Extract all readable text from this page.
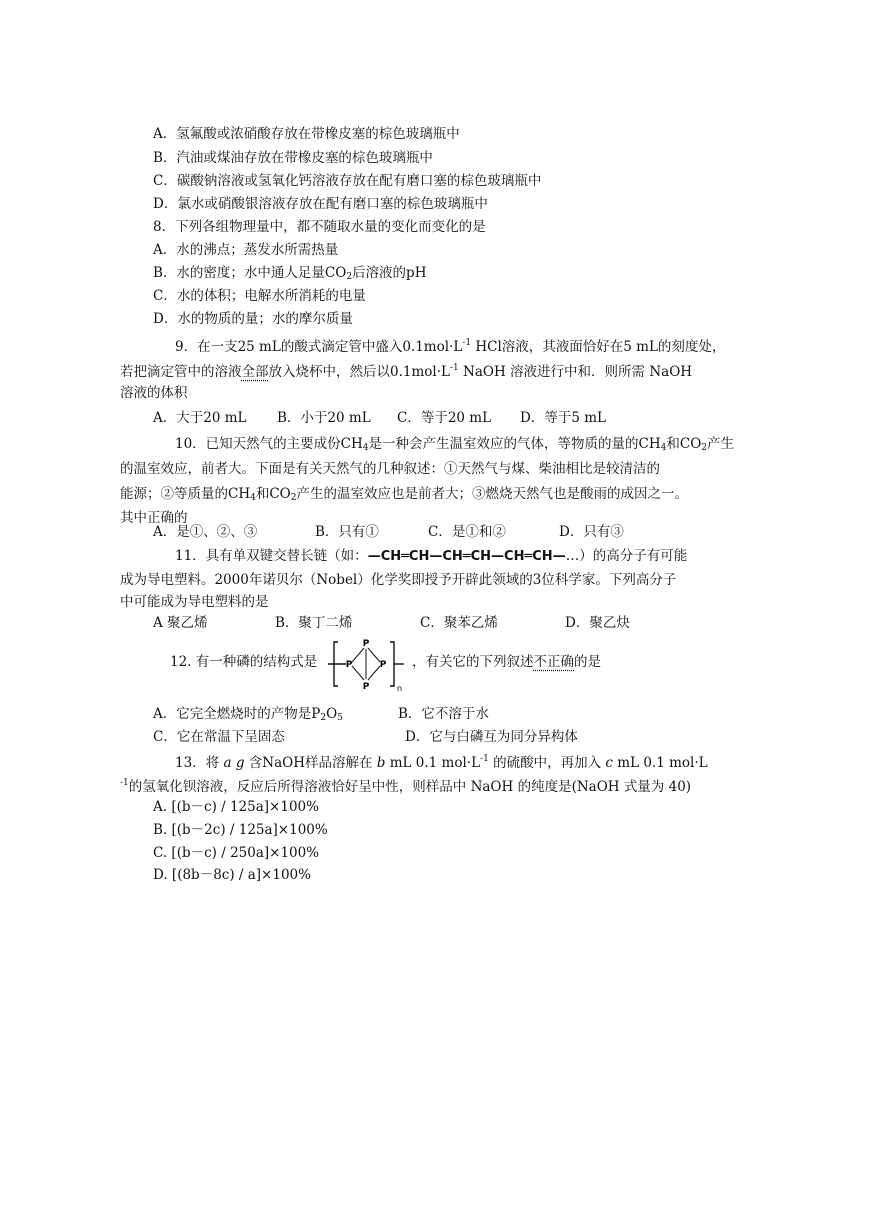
A．氢氟酸或浓硝酸存放在带橡皮塞的棕色玻璃瓶中
B．汽油或煤油存放在带橡皮塞的棕色玻璃瓶中
C．碳酸钠溶液或氢氧化钙溶液存放在配有磨口塞的棕色玻璃瓶中
D．氯水或硝酸银溶液存放在配有磨口塞的棕色玻璃瓶中
8．下列各组物理量中，都不随取水量的变化而变化的是
A．水的沸点；蒸发水所需热量
B．水的密度；水中通人足量$CO_2$后溶液的pH
C．水的体积；电解水所消耗的电量
D．水的物质的量；水的摩尔质量
9．在一支25 mL的酸式滴定管中盛入$0.1mol\cdot L^{-1}$ HCl溶液，其液面恰好在5 mL的刻度处，
若把滴定管中的溶液全部放入烧杯中，然后以$0.1mol\cdot L^{-1}$ NaOH 溶液进行中和．则所需 NaOH
溶液的体积
A．大于20 mL B．小于20 mL C．等于20 mL D．等于5 mL
10．已知天然气的主要成份$CH_4$是一种会产生温室效应的气体，等物质的量的$CH_4$和$CO_2$产生
的温室效应，前者大。下面是有关天然气的几种叙述：①天然气与煤、柴油相比是较清洁的
能源；②等质量的$CH_4$和$CO_2$产生的温室效应也是前者大；③燃烧天然气也是酸雨的成因之一。
其中正确的
A．是①、②、③	B．只有①	C．是①和②	D．只有③
11．具有单双键交替长链（如：—CH═CH—CH═CH—CH═CH—…）的高分子有可能
成为导电塑料。2000年诺贝尔（Nobel）化学奖即授予开辟此领域的3位科学家。下列高分子
中可能成为导电塑料的是
A 聚乙烯	B．聚丁二烯	C．聚苯乙烯	D．聚乙炔
12. 有一种磷的结构式是
P
P	P
P	n
，有关它的下列叙述不正确的是
A．它完全燃烧时的产物是$P_2O_5$	B．它不溶于水
C．它在常温下呈固态	D．它与白磷互为同分异构体
13．将 a g 含NaOH样品溶解在 b mL 0.1 $mol\cdot L^{-1}$ 的硫酸中，再加入 c mL 0.1 mol·L
$^{-1}$的氢氧化钡溶液，反应后所得溶液恰好呈中性，则样品中 NaOH 的纯度是(NaOH 式量为 40)
A. [(b－c) / 125a]×100%
B. [(b－2c) / 125a]×100%
C. [(b－c) / 250a]×100%
D. [(8b－8c) / a]×100%
